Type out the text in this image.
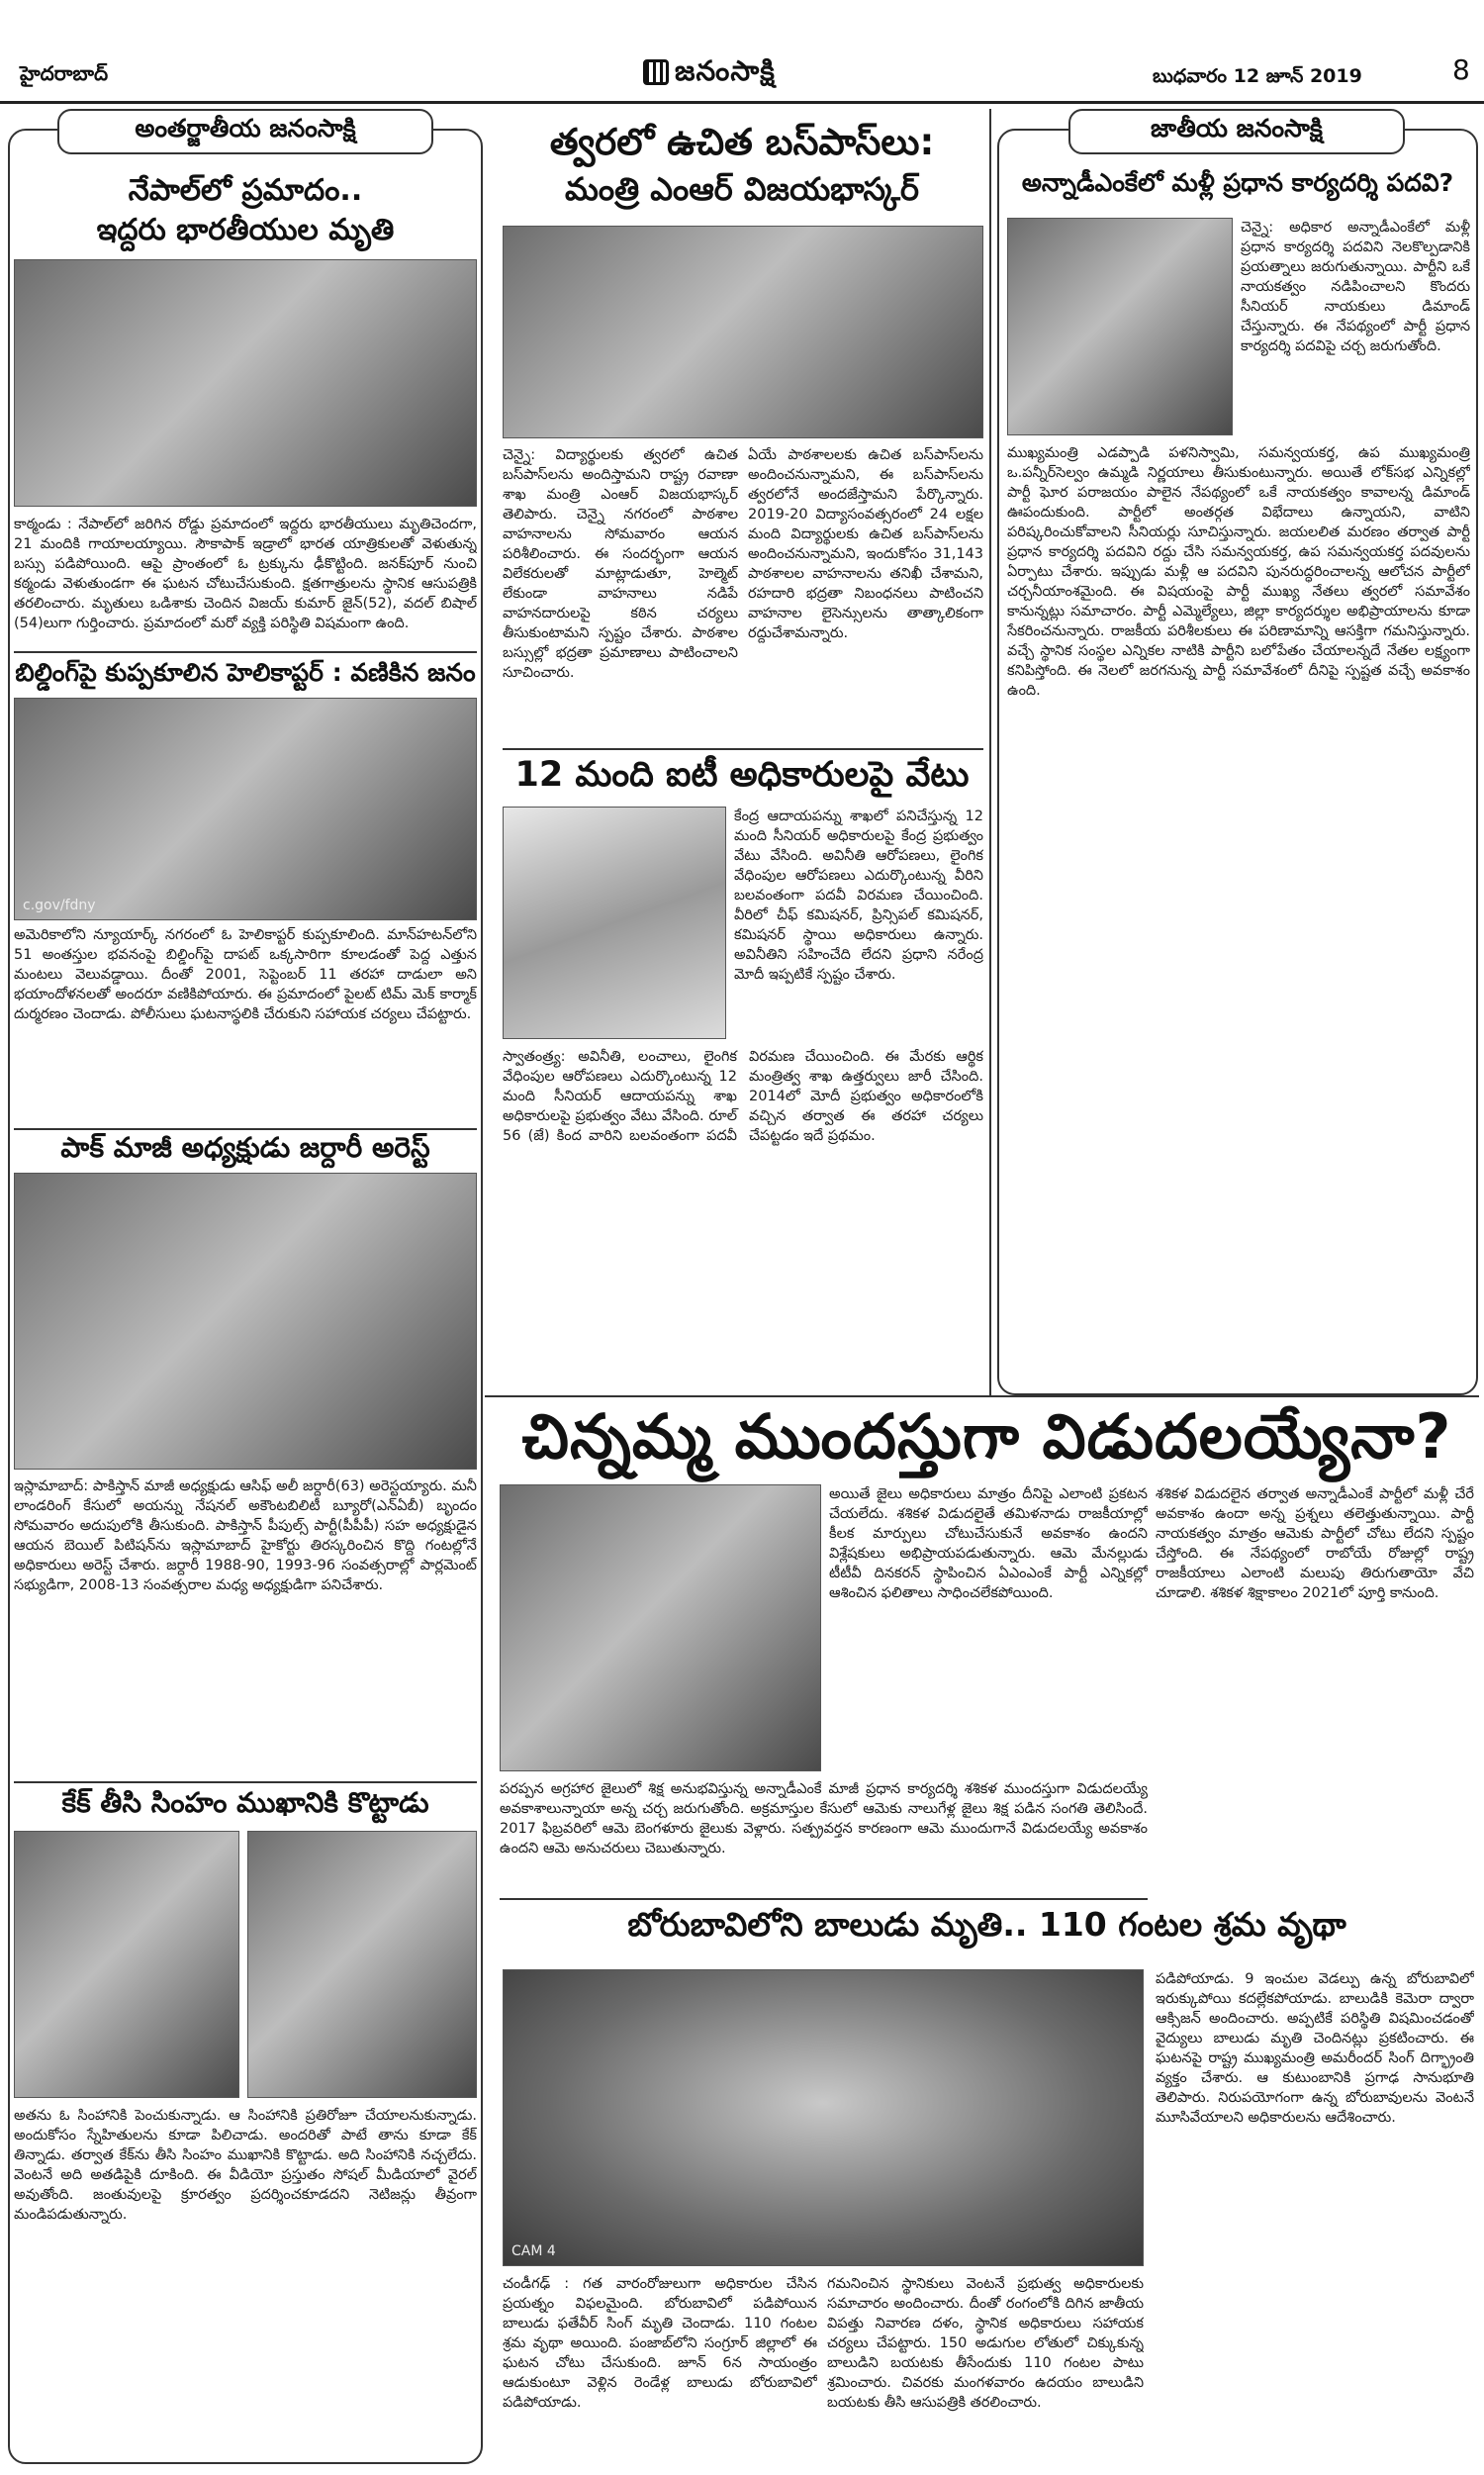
హైదరాబాద్	జనంసాక్షి	బుధవారం 12 జూన్ 2019	8
అంతర్జాతీయ జనంసాక్షి
నేపాల్‌లో ప్రమాదం..
ఇద్దరు భారతీయుల మృతి
కాఠ్మండు : నేపాల్‌లో జరిగిన రోడ్డు ప్రమాదంలో ఇద్దరు భారతీయులు మృతిచెందగా, 21 మందికి గాయాలయ్యాయి. సౌకాపాక్ ఇడ్రాలో భారత యాత్రికులతో వెళుతున్న బస్సు పడిపోయింది. ఆపై ప్రాంతంలో ఓ ట్రక్కును ఢీకొట్టింది. జనక్‌పూర్ నుంచి కఠ్మండు వెళుతుండగా ఈ ఘటన చోటుచేసుకుంది. క్షతగాత్రులను స్థానిక ఆసుపత్రికి తరలించారు. మృతులు ఒడిశాకు చెందిన విజయ్ కుమార్ జైన్(52), వదల్ బిషాల్ (54)లుగా గుర్తించారు. ప్రమాదంలో మరో వ్యక్తి పరిస్థితి విషమంగా ఉంది.
బిల్డింగ్‌పై కుప్పకూలిన హెలికాప్టర్ : వణికిన జనం
c.gov/fdny
అమెరికాలోని న్యూయార్క్ నగరంలో ఓ హెలికాప్టర్ కుప్పకూలింది. మాన్‌హటన్‌లోని 51 అంతస్తుల భవనంపై బిల్డింగ్‌పై దాపట్ ఒక్కసారిగా కూలడంతో పెద్ద ఎత్తున మంటలు వెలువడ్డాయి. దీంతో 2001, సెప్టెంబర్ 11 తరహా దాడులా అని భయాందోళనలతో అందరూ వణికిపోయారు. ఈ ప్రమాదంలో పైలట్ టిమ్ మెక్ కార్మాక్ దుర్మరణం చెందాడు. పోలీసులు ఘటనాస్థలికి చేరుకుని సహాయక చర్యలు చేపట్టారు.
పాక్ మాజీ అధ్యక్షుడు జర్దారీ అరెస్ట్
ఇస్లామాబాద్: పాకిస్తాన్ మాజీ అధ్యక్షుడు ఆసిఫ్ అలీ జర్దారీ(63) అరెస్టయ్యారు. మనీ లాండరింగ్ కేసులో అయన్ను నేషనల్ అకౌంటబిలిటీ బ్యూరో(ఎన్ఏబీ) బృందం సోమవారం అదుపులోకి తీసుకుంది. పాకిస్తాన్ పీపుల్స్ పార్టీ(పీపీపీ) సహ అధ్యక్షుడైన ఆయన బెయిల్ పిటిషన్‌ను ఇస్లామాబాద్ హైకోర్టు తిరస్కరించిన కొద్ది గంటల్లోనే అధికారులు అరెస్ట్ చేశారు. జర్దారీ 1988-90, 1993-96 సంవత్సరాల్లో పార్లమెంట్ సభ్యుడిగా, 2008-13 సంవత్సరాల మధ్య అధ్యక్షుడిగా పనిచేశారు.
కేక్ తీసి సింహం ముఖానికి కొట్టాడు
అతను ఓ సింహానికి పెంచుకున్నాడు. ఆ సింహానికి ప్రతిరోజూ చేయాలనుకున్నాడు. అందుకోసం స్నేహితులను కూడా పిలిచాడు. అందరితో పాటే తాను కూడా కేక్ తిన్నాడు. తర్వాత కేక్‌ను తీసి సింహం ముఖానికి కొట్టాడు. అది సింహానికి నచ్చలేదు. వెంటనే అది అతడిపైకి దూకింది. ఈ వీడియో ప్రస్తుతం సోషల్ మీడియాలో వైరల్ అవుతోంది. జంతువులపై క్రూరత్వం ప్రదర్శించకూడదని నెటిజన్లు తీవ్రంగా మండిపడుతున్నారు.
త్వరలో ఉచిత బస్‌పాస్‌లు:
మంత్రి ఎంఆర్ విజయభాస్కర్
చెన్నై: విద్యార్థులకు త్వరలో ఉచిత బస్‌పాస్‌లను అందిస్తామని రాష్ట్ర రవాణా శాఖ మంత్రి ఎంఆర్ విజయభాస్కర్ తెలిపారు. చెన్నై నగరంలో పాఠశాల వాహనాలను సోమవారం ఆయన పరిశీలించారు. ఈ సందర్భంగా ఆయన విలేకరులతో మాట్లాడుతూ, హెల్మెట్ లేకుండా వాహనాలు నడిపే వాహనదారులపై కఠిన చర్యలు తీసుకుంటామని స్పష్టం చేశారు. పాఠశాల బస్సుల్లో భద్రతా ప్రమాణాలు పాటించాలని సూచించారు.
ఏయే పాఠశాలలకు ఉచిత బస్‌పాస్‌లను అందించనున్నామని, ఈ బస్‌పాస్‌లను త్వరలోనే అందజేస్తామని పేర్కొన్నారు. 2019-20 విద్యాసంవత్సరంలో 24 లక్షల మంది విద్యార్థులకు ఉచిత బస్‌పాస్‌లను అందించనున్నామని, ఇందుకోసం 31,143 పాఠశాలల వాహనాలను తనిఖీ చేశామని, రహదారి భద్రతా నిబంధనలు పాటించని వాహనాల లైసెన్సులను తాత్కాలికంగా రద్దుచేశామన్నారు.
12 మంది ఐటీ అధికారులపై వేటు
కేంద్ర ఆదాయపన్ను శాఖలో పనిచేస్తున్న 12 మంది సీనియర్ అధికారులపై కేంద్ర ప్రభుత్వం వేటు వేసింది. అవినీతి ఆరోపణలు, లైంగిక వేధింపుల ఆరోపణలు ఎదుర్కొంటున్న వీరిని బలవంతంగా పదవీ విరమణ చేయించింది. వీరిలో చీఫ్ కమిషనర్, ప్రిన్సిపల్ కమిషనర్, కమిషనర్ స్థాయి అధికారులు ఉన్నారు. అవినీతిని సహించేది లేదని ప్రధాని నరేంద్ర మోదీ ఇప్పటికే స్పష్టం చేశారు.
స్వాతంత్ర్య: అవినీతి, లంచాలు, లైంగిక వేధింపుల ఆరోపణలు ఎదుర్కొంటున్న 12 మంది సీనియర్ ఆదాయపన్ను శాఖ అధికారులపై ప్రభుత్వం వేటు వేసింది. రూల్ 56 (జే) కింద వారిని బలవంతంగా పదవీ విరమణ చేయించింది. ఈ మేరకు ఆర్థిక మంత్రిత్వ శాఖ ఉత్తర్వులు జారీ చేసింది. 2014లో మోదీ ప్రభుత్వం అధికారంలోకి వచ్చిన తర్వాత ఈ తరహా చర్యలు చేపట్టడం ఇదే ప్రథమం.
జాతీయ జనంసాక్షి
అన్నాడీఎంకేలో మళ్లీ ప్రధాన కార్యదర్శి పదవి?
చెన్నై: అధికార అన్నాడీఎంకేలో మళ్లీ ప్రధాన కార్యదర్శి పదవిని నెలకొల్పడానికి ప్రయత్నాలు జరుగుతున్నాయి. పార్టీని ఒకే నాయకత్వం నడిపించాలని కొందరు సీనియర్ నాయకులు డిమాండ్ చేస్తున్నారు. ఈ నేపథ్యంలో పార్టీ ప్రధాన కార్యదర్శి పదవిపై చర్చ జరుగుతోంది.
ముఖ్యమంత్రి ఎడప్పాడి పళనిస్వామి, సమన్వయకర్త, ఉప ముఖ్యమంత్రి ఒ.పన్నీర్‌సెల్వం ఉమ్మడి నిర్ణయాలు తీసుకుంటున్నారు. అయితే లోక్‌సభ ఎన్నికల్లో పార్టీ ఘోర పరాజయం పాలైన నేపథ్యంలో ఒకే నాయకత్వం కావాలన్న డిమాండ్ ఊపందుకుంది. పార్టీలో అంతర్గత విభేదాలు ఉన్నాయని, వాటిని పరిష్కరించుకోవాలని సీనియర్లు సూచిస్తున్నారు. జయలలిత మరణం తర్వాత పార్టీ ప్రధాన కార్యదర్శి పదవిని రద్దు చేసి సమన్వయకర్త, ఉప సమన్వయకర్త పదవులను ఏర్పాటు చేశారు. ఇప్పుడు మళ్లీ ఆ పదవిని పునరుద్ధరించాలన్న ఆలోచన పార్టీలో చర్చనీయాంశమైంది. ఈ విషయంపై పార్టీ ముఖ్య నేతలు త్వరలో సమావేశం కానున్నట్లు సమాచారం. పార్టీ ఎమ్మెల్యేలు, జిల్లా కార్యదర్శుల అభిప్రాయాలను కూడా సేకరించనున్నారు. రాజకీయ పరిశీలకులు ఈ పరిణామాన్ని ఆసక్తిగా గమనిస్తున్నారు. వచ్చే స్థానిక సంస్థల ఎన్నికల నాటికి పార్టీని బలోపేతం చేయాలన్నదే నేతల లక్ష్యంగా కనిపిస్తోంది. ఈ నెలలో జరగనున్న పార్టీ సమావేశంలో దీనిపై స్పష్టత వచ్చే అవకాశం ఉంది.
చిన్నమ్మ ముందస్తుగా విడుదలయ్యేనా?
అయితే జైలు అధికారులు మాత్రం దీనిపై ఎలాంటి ప్రకటన చేయలేదు. శశికళ విడుదలైతే తమిళనాడు రాజకీయాల్లో కీలక మార్పులు చోటుచేసుకునే అవకాశం ఉందని విశ్లేషకులు అభిప్రాయపడుతున్నారు. ఆమె మేనల్లుడు టీటీవీ దినకరన్ స్థాపించిన ఏఎంఎంకే పార్టీ ఎన్నికల్లో ఆశించిన ఫలితాలు సాధించలేకపోయింది.
శశికళ విడుదలైన తర్వాత అన్నాడీఎంకే పార్టీలో మళ్లీ చేరే అవకాశం ఉందా అన్న ప్రశ్నలు తలెత్తుతున్నాయి. పార్టీ నాయకత్వం మాత్రం ఆమెకు పార్టీలో చోటు లేదని స్పష్టం చేస్తోంది. ఈ నేపథ్యంలో రాబోయే రోజుల్లో రాష్ట్ర రాజకీయాలు ఎలాంటి మలుపు తిరుగుతాయో వేచి చూడాలి. శశికళ శిక్షాకాలం 2021లో పూర్తి కానుంది.
పరప్పన అగ్రహార జైలులో శిక్ష అనుభవిస్తున్న అన్నాడీఎంకే మాజీ ప్రధాన కార్యదర్శి శశికళ ముందస్తుగా విడుదలయ్యే అవకాశాలున్నాయా అన్న చర్చ జరుగుతోంది. అక్రమాస్తుల కేసులో ఆమెకు నాలుగేళ్ల జైలు శిక్ష పడిన సంగతి తెలిసిందే. 2017 ఫిబ్రవరిలో ఆమె బెంగళూరు జైలుకు వెళ్లారు. సత్ప్రవర్తన కారణంగా ఆమె ముందుగానే విడుదలయ్యే అవకాశం ఉందని ఆమె అనుచరులు చెబుతున్నారు.
బోరుబావిలోని బాలుడు మృతి.. 110 గంటల శ్రమ వృథా
CAM 4
పడిపోయాడు. 9 ఇంచుల వెడల్పు ఉన్న బోరుబావిలో ఇరుక్కుపోయి కదల్లేకపోయాడు. బాలుడికి కెమెరా ద్వారా ఆక్సిజన్ అందించారు. అప్పటికే పరిస్థితి విషమించడంతో వైద్యులు బాలుడు మృతి చెందినట్లు ప్రకటించారు. ఈ ఘటనపై రాష్ట్ర ముఖ్యమంత్రి అమరీందర్ సింగ్ దిగ్భ్రాంతి వ్యక్తం చేశారు. ఆ కుటుంబానికి ప్రగాఢ సానుభూతి తెలిపారు. నిరుపయోగంగా ఉన్న బోరుబావులను వెంటనే మూసివేయాలని అధికారులను ఆదేశించారు.
చండీగఢ్ : గత వారంరోజులుగా అధికారుల చేసిన ప్రయత్నం విఫలమైంది. బోరుబావిలో పడిపోయిన బాలుడు ఫతేవీర్ సింగ్ మృతి చెందాడు. 110 గంటల శ్రమ వృథా అయింది. పంజాబ్‌లోని సంగ్రూర్ జిల్లాలో ఈ ఘటన చోటు చేసుకుంది. జూన్ 6న సాయంత్రం ఆడుకుంటూ వెళ్లిన రెండేళ్ల బాలుడు బోరుబావిలో పడిపోయాడు.
గమనించిన స్థానికులు వెంటనే ప్రభుత్వ అధికారులకు సమాచారం అందించారు. దీంతో రంగంలోకి దిగిన జాతీయ విపత్తు నివారణ దళం, స్థానిక అధికారులు సహాయక చర్యలు చేపట్టారు. 150 అడుగుల లోతులో చిక్కుకున్న బాలుడిని బయటకు తీసేందుకు 110 గంటల పాటు శ్రమించారు. చివరకు మంగళవారం ఉదయం బాలుడిని బయటకు తీసి ఆసుపత్రికి తరలించారు.
